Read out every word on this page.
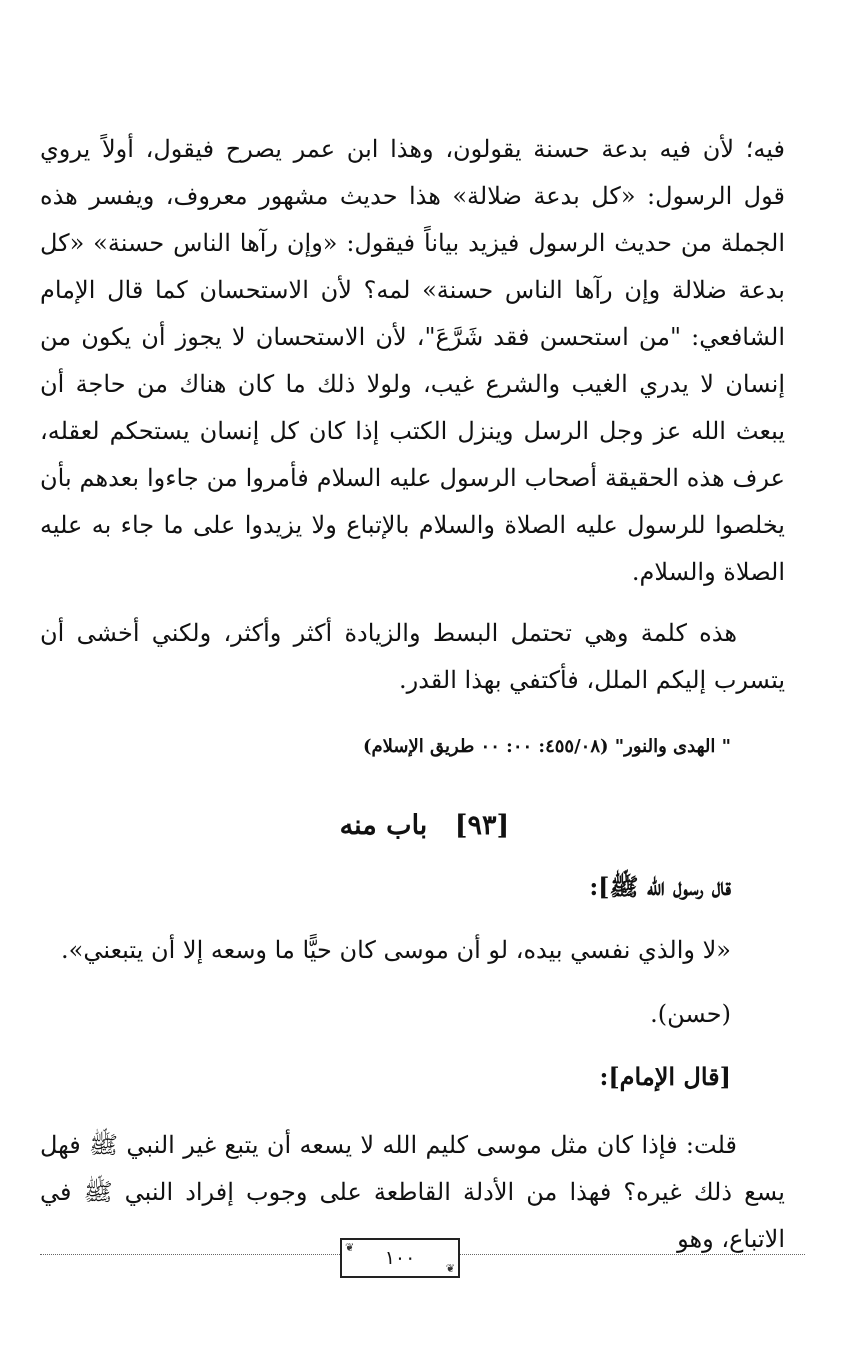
فيه؛ لأن فيه بدعة حسنة يقولون، وهذا ابن عمر يصرح فيقول، أولاً يروي قول الرسول: «كل بدعة ضلالة» هذا حديث مشهور معروف، ويفسر هذه الجملة من حديث الرسول فيزيد بياناً فيقول: «وإن رآها الناس حسنة» «كل بدعة ضلالة وإن رآها الناس حسنة» لمه؟ لأن الاستحسان كما قال الإمام الشافعي: "من استحسن فقد شَرَّعَ"، لأن الاستحسان لا يجوز أن يكون من إنسان لا يدري الغيب والشرع غيب، ولولا ذلك ما كان هناك من حاجة أن يبعث الله عز وجل الرسل وينزل الكتب إذا كان كل إنسان يستحكم لعقله، عرف هذه الحقيقة أصحاب الرسول عليه السلام فأمروا من جاءوا بعدهم بأن يخلصوا للرسول عليه الصلاة والسلام بالإتباع ولا يزيدوا على ما جاء به عليه الصلاة والسلام.

هذه كلمة وهي تحتمل البسط والزيادة أكثر وأكثر، ولكني أخشى أن يتسرب إليكم الملل، فأكتفي بهذا القدر.

" الهدى والنور" (٤٥٥/٠٨: ٠٠: ٠٠ طريق الإسلام)
[٩٣] باب منه
قال رسول الله ﷺ]:
«لا والذي نفسي بيده، لو أن موسى كان حيًّا ما وسعه إلا أن يتبعني».
(حسن).
[قال الإمام]:

قلت: فإذا كان مثل موسى كليم الله لا يسعه أن يتبع غير النبي ﷺ فهل يسع ذلك غيره؟ فهذا من الأدلة القاطعة على وجوب إفراد النبي ﷺ في الاتباع، وهو

❦ ١٠٠	❦
